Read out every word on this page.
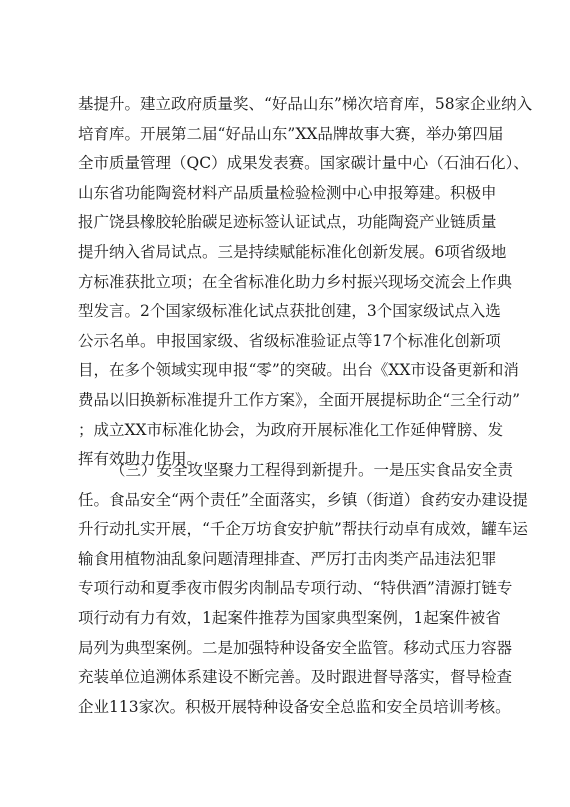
基提升。建立政府质量奖、“好品山东”梯次培育库，58家企业纳入
培育库。开展第二届“好品山东”XX品牌故事大赛，举办第四届
全市质量管理（QC）成果发表赛。国家碳计量中心（石油石化）、
山东省功能陶瓷材料产品质量检验检测中心申报筹建。积极申
报广饶县橡胶轮胎碳足迹标签认证试点，功能陶瓷产业链质量
提升纳入省局试点。三是持续赋能标准化创新发展。6项省级地
方标准获批立项；在全省标准化助力乡村振兴现场交流会上作典
型发言。2个国家级标准化试点获批创建，3个国家级试点入选
公示名单。申报国家级、省级标准验证点等17个标准化创新项
目，在多个领域实现申报“零”的突破。出台《XX市设备更新和消
费品以旧换新标准提升工作方案》，全面开展提标助企“三全行动”
；成立XX市标准化协会，为政府开展标准化工作延伸臂膀、发
挥有效助力作用。
（三）安全攻坚聚力工程得到新提升。一是压实食品安全责
任。食品安全“两个责任”全面落实，乡镇（街道）食药安办建设提
升行动扎实开展，“千企万坊食安护航”帮扶行动卓有成效，罐车运
输食用植物油乱象问题清理排查、严厉打击肉类产品违法犯罪
专项行动和夏季夜市假劣肉制品专项行动、“特供酒”清源打链专
项行动有力有效，1起案件推荐为国家典型案例，1起案件被省
局列为典型案例。二是加强特种设备安全监管。移动式压力容器
充装单位追溯体系建设不断完善。及时跟进督导落实，督导检查
企业113家次。积极开展特种设备安全总监和安全员培训考核。
